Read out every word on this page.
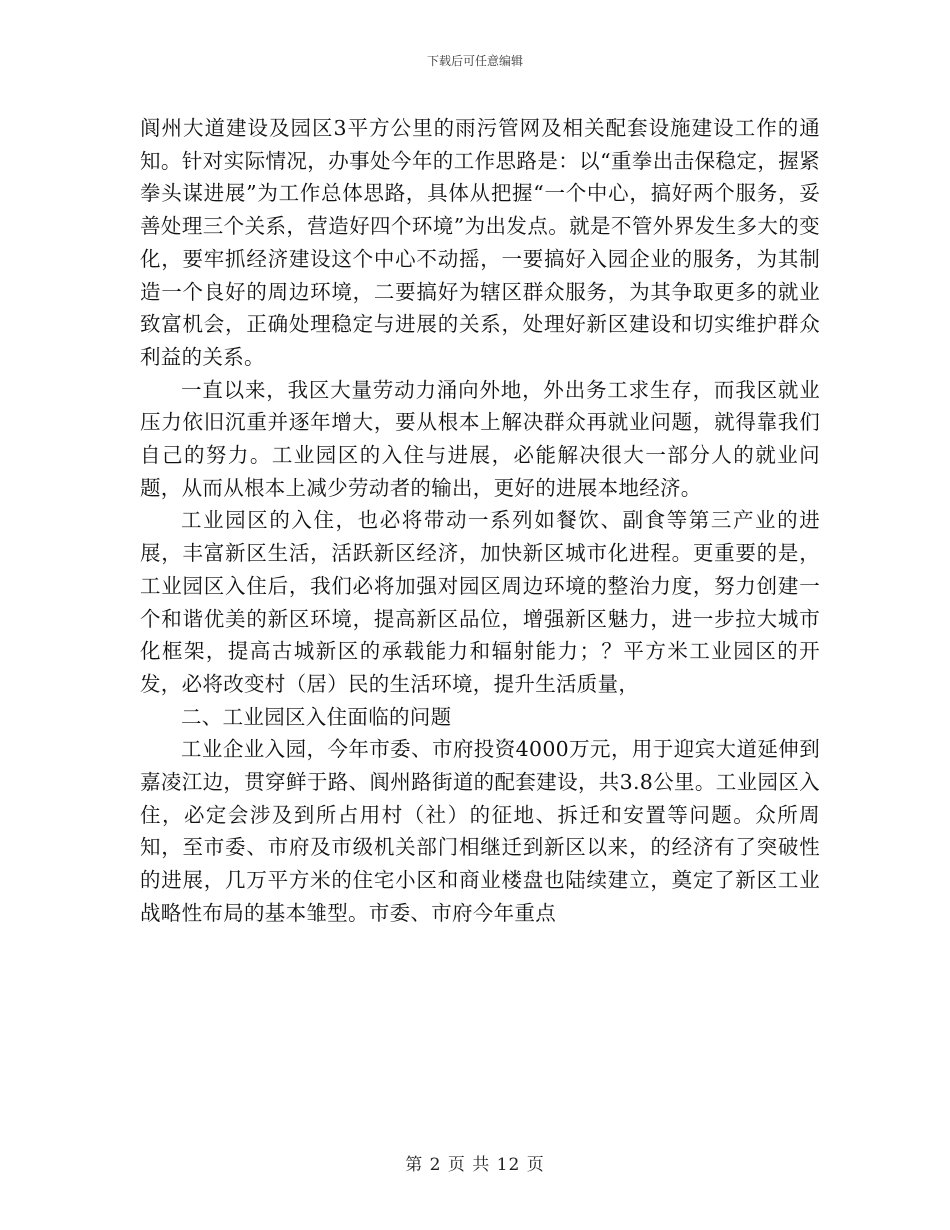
下载后可任意编辑

阆州大道建设及园区3平方公里的雨污管网及相关配套设施建设工作的通知。针对实际情况，办事处今年的工作思路是：以“重拳出击保稳定，握紧拳头谋进展”为工作总体思路，具体从把握“一个中心，搞好两个服务，妥善处理三个关系，营造好四个环境”为出发点。就是不管外界发生多大的变化，要牢抓经济建设这个中心不动摇，一要搞好入园企业的服务，为其制造一个良好的周边环境，二要搞好为辖区群众服务，为其争取更多的就业致富机会，正确处理稳定与进展的关系，处理好新区建设和切实维护群众利益的关系。

一直以来，我区大量劳动力涌向外地，外出务工求生存，而我区就业压力依旧沉重并逐年增大，要从根本上解决群众再就业问题，就得靠我们自己的努力。工业园区的入住与进展，必能解决很大一部分人的就业问题，从而从根本上减少劳动者的输出，更好的进展本地经济。

工业园区的入住，也必将带动一系列如餐饮、副食等第三产业的进展，丰富新区生活，活跃新区经济，加快新区城市化进程。更重要的是，工业园区入住后，我们必将加强对园区周边环境的整治力度，努力创建一个和谐优美的新区环境，提高新区品位，增强新区魅力，进一步拉大城市化框架，提高古城新区的承载能力和辐射能力；？平方米工业园区的开发，必将改变村（居）民的生活环境，提升生活质量，

二、工业园区入住面临的问题

工业企业入园，今年市委、市府投资4000万元，用于迎宾大道延伸到嘉凌江边，贯穿鲜于路、阆州路街道的配套建设，共3.8公里。工业园区入住，必定会涉及到所占用村（社）的征地、拆迁和安置等问题。众所周知，至市委、市府及市级机关部门相继迁到新区以来，的经济有了突破性的进展，几万平方米的住宅小区和商业楼盘也陆续建立，奠定了新区工业战略性布局的基本雏型。市委、市府今年重点

第 2 页 共 12 页
